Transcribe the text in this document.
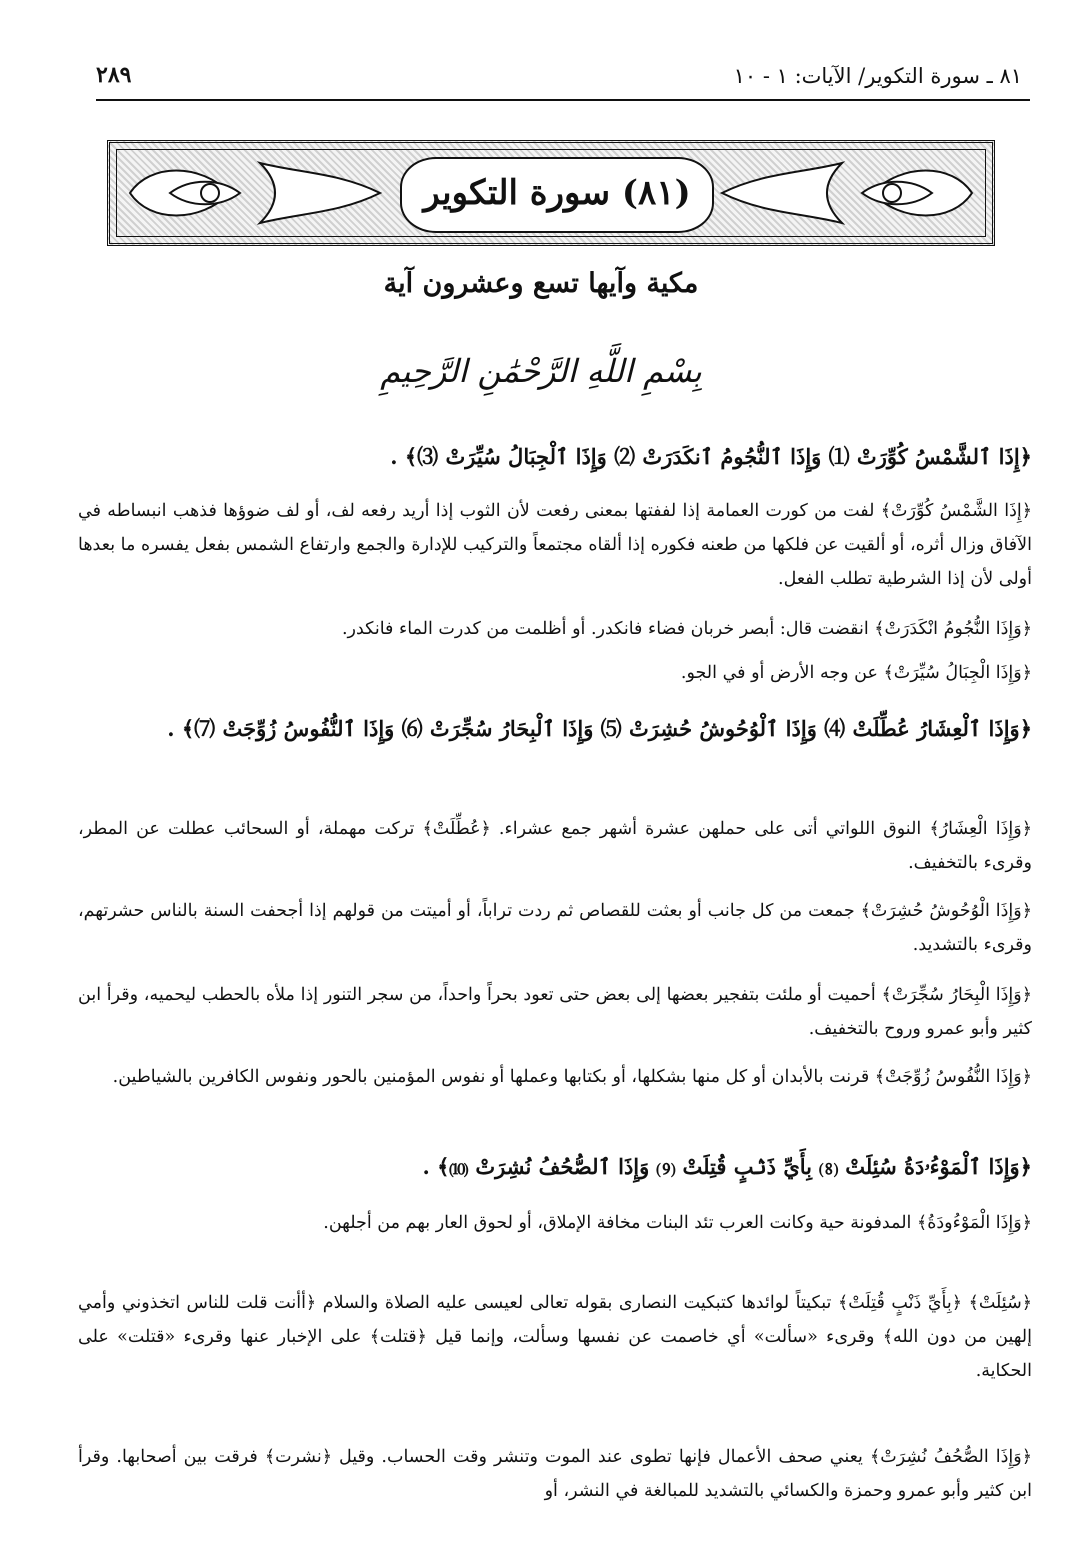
٢٨٩	٨١ ـ سورة التكوير/ الآيات: ١ - ١٠
(٨١) سورة التكوير
مكية وآيها تسع وعشرون آية
بِسْمِ اللَّهِ الرَّحْمَٰنِ الرَّحِيمِ
﴿إِذَا ٱلشَّمْسُ كُوِّرَتْ ⑴ وَإِذَا ٱلنُّجُومُ ٱنكَدَرَتْ ⑵ وَإِذَا ٱلْجِبَالُ سُيِّرَتْ ⑶﴾ .
﴿إِذَا الشَّمْسُ كُوِّرَتْ﴾ لفت من كورت العمامة إذا لففتها بمعنى رفعت لأن الثوب إذا أريد رفعه لف، أو لف ضوؤها فذهب انبساطه في الآفاق وزال أثره، أو ألقيت عن فلكها من طعنه فكوره إذا ألقاه مجتمعاً والتركيب للإدارة والجمع وارتفاع الشمس بفعل يفسره ما بعدها أولى لأن إذا الشرطية تطلب الفعل.
﴿وَإِذَا النُّجُومُ انْكَدَرَتْ﴾ انقضت قال: أبصر خربان فضاء فانكدر. أو أظلمت من كدرت الماء فانكدر.
﴿وَإِذَا الْجِبَالُ سُيِّرَتْ﴾ عن وجه الأرض أو في الجو.
﴿وَإِذَا ٱلْعِشَارُ عُطِّلَتْ ⑷ وَإِذَا ٱلْوُحُوشُ حُشِرَتْ ⑸ وَإِذَا ٱلْبِحَارُ سُجِّرَتْ ⑹ وَإِذَا ٱلنُّفُوسُ زُوِّجَتْ ⑺﴾ .
﴿وَإِذَا الْعِشَارُ﴾ النوق اللواتي أتى على حملهن عشرة أشهر جمع عشراء. ﴿عُطِّلَتْ﴾ تركت مهملة، أو السحائب عطلت عن المطر، وقرىء بالتخفيف.
﴿وَإِذَا الْوُحُوشُ حُشِرَتْ﴾ جمعت من كل جانب أو بعثت للقصاص ثم ردت تراباً، أو أميتت من قولهم إذا أجحفت السنة بالناس حشرتهم، وقرىء بالتشديد.
﴿وَإِذَا الْبِحَارُ سُجِّرَتْ﴾ أحميت أو ملئت بتفجير بعضها إلى بعض حتى تعود بحراً واحداً، من سجر التنور إذا ملأه بالحطب ليحميه، وقرأ ابن كثير وأبو عمرو وروح بالتخفيف.
﴿وَإِذَا النُّفُوسُ زُوِّجَتْ﴾ قرنت بالأبدان أو كل منها بشكلها، أو بكتابها وعملها أو نفوس المؤمنين بالحور ونفوس الكافرين بالشياطين.
﴿وَإِذَا ٱلْمَوْءُۥدَةُ سُئِلَتْ ⑻ بِأَيِّ ذَنۢبٍ قُتِلَتْ ⑼ وَإِذَا ٱلصُّحُفُ نُشِرَتْ ⑽﴾ .
﴿وَإِذَا الْمَوْءُودَةُ﴾ المدفونة حية وكانت العرب تئد البنات مخافة الإملاق، أو لحوق العار بهم من أجلهن.
﴿سُئِلَتْ﴾ ﴿بِأَيِّ ذَنْبٍ قُتِلَتْ﴾ تبكيتاً لوائدها كتبكيت النصارى بقوله تعالى لعيسى عليه الصلاة والسلام ﴿أأنت قلت للناس اتخذوني وأمي إلهين من دون الله﴾ وقرىء «سألت» أي خاصمت عن نفسها وسألت، وإنما قيل ﴿قتلت﴾ على الإخبار عنها وقرىء «قتلت» على الحكاية.
﴿وَإِذَا الصُّحُفُ نُشِرَتْ﴾ يعني صحف الأعمال فإنها تطوى عند الموت وتنشر وقت الحساب. وقيل ﴿نشرت﴾ فرقت بين أصحابها. وقرأ ابن كثير وأبو عمرو وحمزة والكسائي بالتشديد للمبالغة في النشر، أو
